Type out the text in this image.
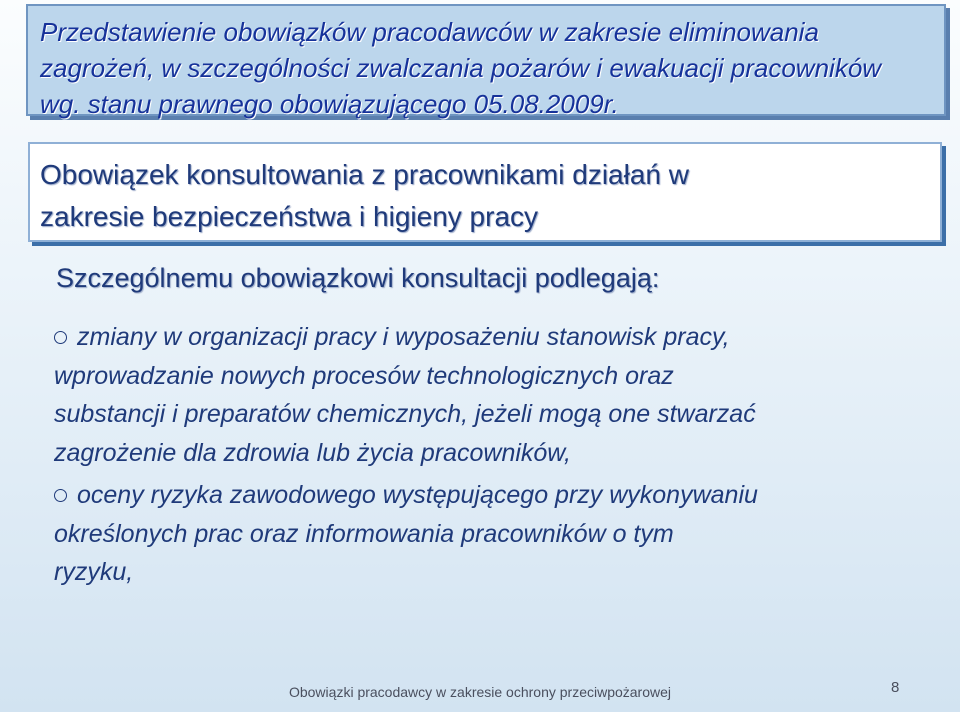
Przedstawienie obowiązków pracodawców w zakresie eliminowania
zagrożeń, w szczególności zwalczania pożarów i ewakuacji pracowników
wg. stanu prawnego obowiązującego 05.08.2009r.
Obowiązek konsultowania z pracownikami działań w
zakresie bezpieczeństwa i higieny pracy
Szczególnemu obowiązkowi konsultacji podlegają:
zmiany w organizacji pracy i wyposażeniu stanowisk pracy,
wprowadzanie nowych procesów technologicznych oraz
substancji i preparatów chemicznych, jeżeli mogą one stwarzać
zagrożenie dla zdrowia lub życia pracowników,
oceny ryzyka zawodowego występującego przy wykonywaniu
określonych prac oraz informowania pracowników o tym
ryzyku,
Obowiązki pracodawcy w zakresie ochrony przeciwpożarowej	8
